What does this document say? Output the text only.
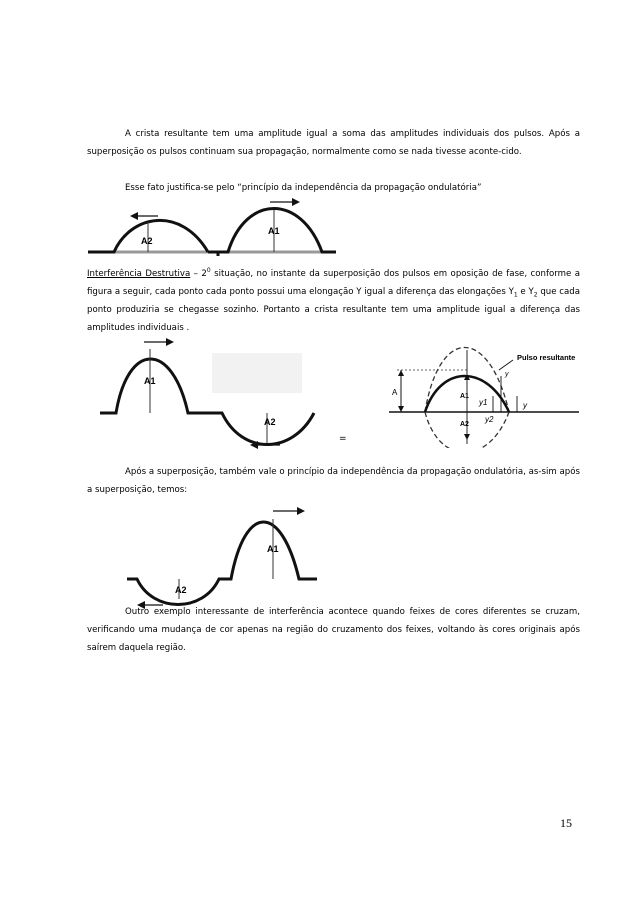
A crista resultante tem uma amplitude igual a soma das amplitudes individuais dos pulsos. Após a superposição os pulsos continuam sua propagação, normalmente como se nada tivesse aconte-cido.
Esse fato justifica-se pelo “princípio da independência da propagação ondulatória”
A2
A1
Interferência Destrutiva – $2^0$ situação, no instante da superposição dos pulsos em oposição de fase, conforme a figura a seguir, cada ponto cada ponto possui uma elongação Y igual a diferença das elongações $Y_1$ e $Y_2$ que cada ponto produziria se chegasse sozinho. Portanto a crista resultante tem uma amplitude igual a diferença das amplitudes individuais .
A1
A2
=
Pulso resultante
A	A1
A2
y1
y2
y
y
Após a superposição, também vale o princípio da independência da propagação ondulatória, as-sim após a superposição, temos:
A1
A2
Outro exemplo interessante de interferência acontece quando feixes de cores diferentes se cruzam, verificando uma mudança de cor apenas na região do cruzamento dos feixes, voltando às cores originais após saírem daquela região.
15
